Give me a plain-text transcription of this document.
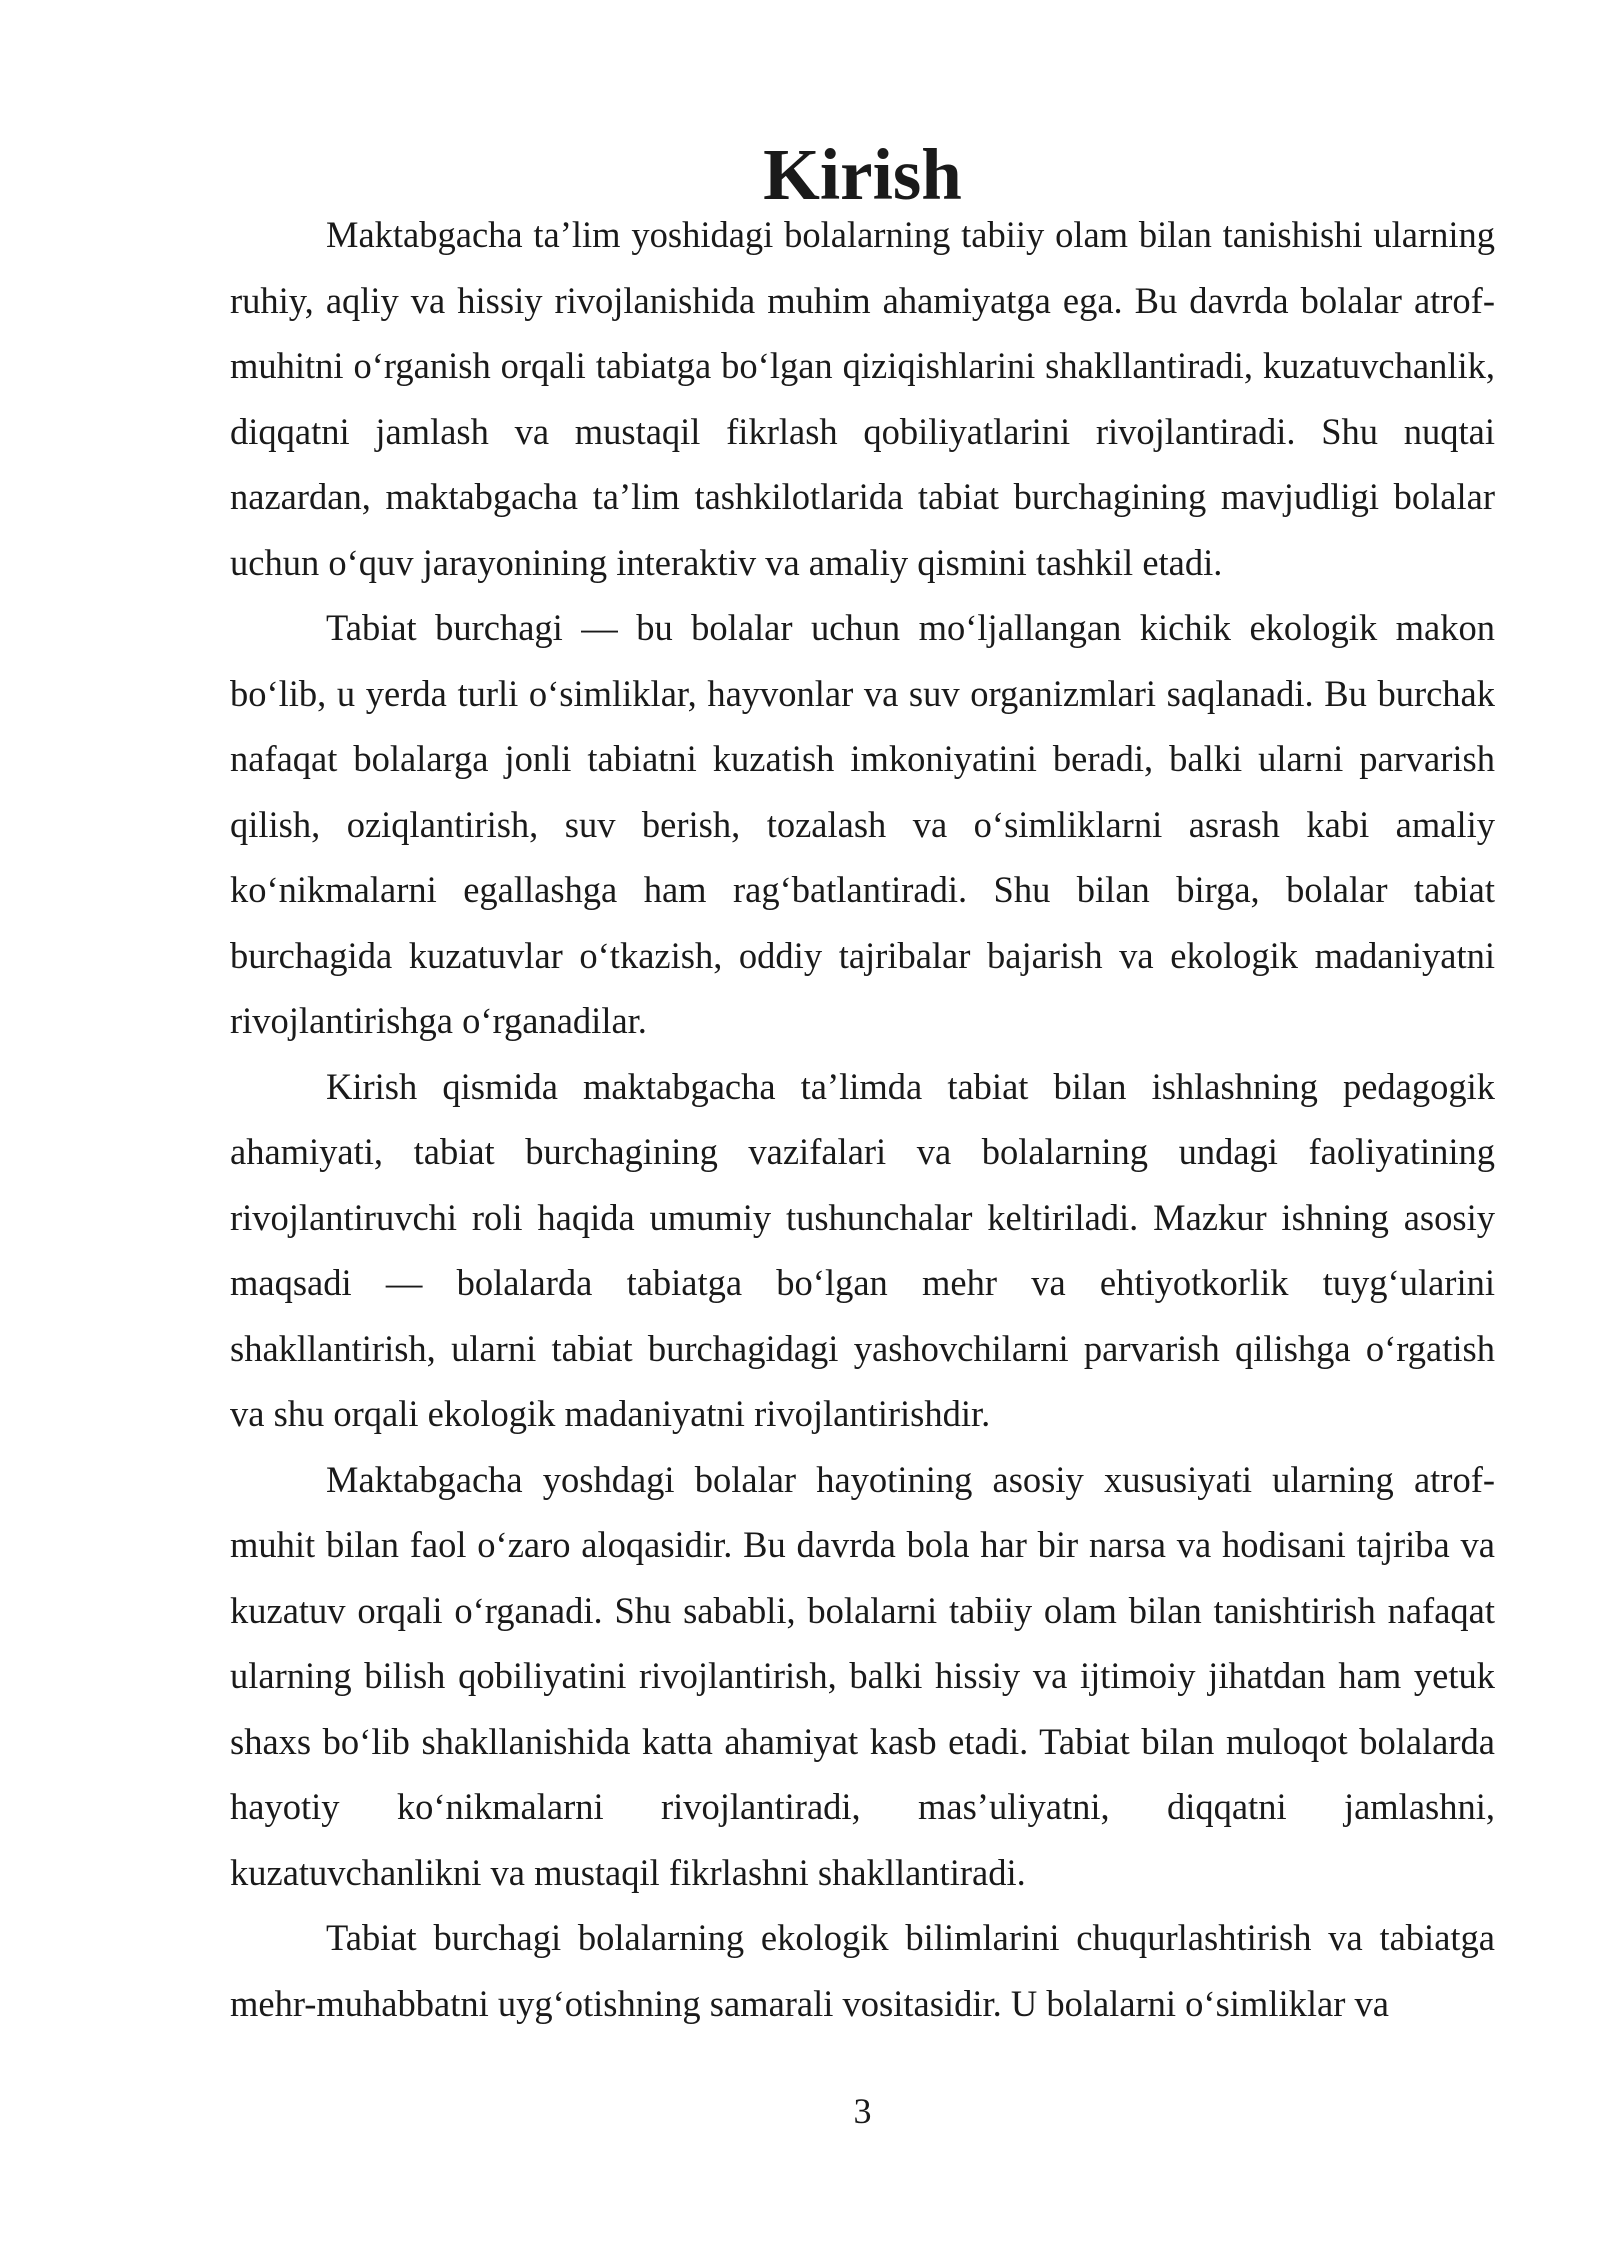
Kirish

Maktabgacha ta’lim yoshidagi bolalarning tabiiy olam bilan tanishishi ularning ruhiy, aqliy va hissiy rivojlanishida muhim ahamiyatga ega. Bu davrda bolalar atrof-muhitni o‘rganish orqali tabiatga bo‘lgan qiziqishlarini shakllantiradi, kuzatuvchanlik, diqqatni jamlash va mustaqil fikrlash qobiliyatlarini rivojlantiradi. Shu nuqtai nazardan, maktabgacha ta’lim tashkilotlarida tabiat burchagining mavjudligi bolalar uchun o‘quv jarayonining interaktiv va amaliy qismini tashkil etadi.

Tabiat burchagi — bu bolalar uchun mo‘ljallangan kichik ekologik makon bo‘lib, u yerda turli o‘simliklar, hayvonlar va suv organizmlari saqlanadi. Bu burchak nafaqat bolalarga jonli tabiatni kuzatish imkoniyatini beradi, balki ularni parvarish qilish, oziqlantirish, suv berish, tozalash va o‘simliklarni asrash kabi amaliy ko‘nikmalarni egallashga ham rag‘batlantiradi. Shu bilan birga, bolalar tabiat burchagida kuzatuvlar o‘tkazish, oddiy tajribalar bajarish va ekologik madaniyatni rivojlantirishga o‘rganadilar.

Kirish qismida maktabgacha ta’limda tabiat bilan ishlashning pedagogik ahamiyati, tabiat burchagining vazifalari va bolalarning undagi faoliyatining rivojlantiruvchi roli haqida umumiy tushunchalar keltiriladi. Mazkur ishning asosiy maqsadi — bolalarda tabiatga bo‘lgan mehr va ehtiyotkorlik tuyg‘ularini shakllantirish, ularni tabiat burchagidagi yashovchilarni parvarish qilishga o‘rgatish va shu orqali ekologik madaniyatni rivojlantirishdir.

Maktabgacha yoshdagi bolalar hayotining asosiy xususiyati ularning atrof-muhit bilan faol o‘zaro aloqasidir. Bu davrda bola har bir narsa va hodisani tajriba va kuzatuv orqali o‘rganadi. Shu sababli, bolalarni tabiiy olam bilan tanishtirish nafaqat ularning bilish qobiliyatini rivojlantirish, balki hissiy va ijtimoiy jihatdan ham yetuk shaxs bo‘lib shakllanishida katta ahamiyat kasb etadi. Tabiat bilan muloqot bolalarda hayotiy ko‘nikmalarni rivojlantiradi, mas’uliyatni, diqqatni jamlashni, kuzatuvchanlikni va mustaqil fikrlashni shakllantiradi.

Tabiat burchagi bolalarning ekologik bilimlarini chuqurlashtirish va tabiatga mehr-muhabbatni uyg‘otishning samarali vositasidir. U bolalarni o‘simliklar va

3
